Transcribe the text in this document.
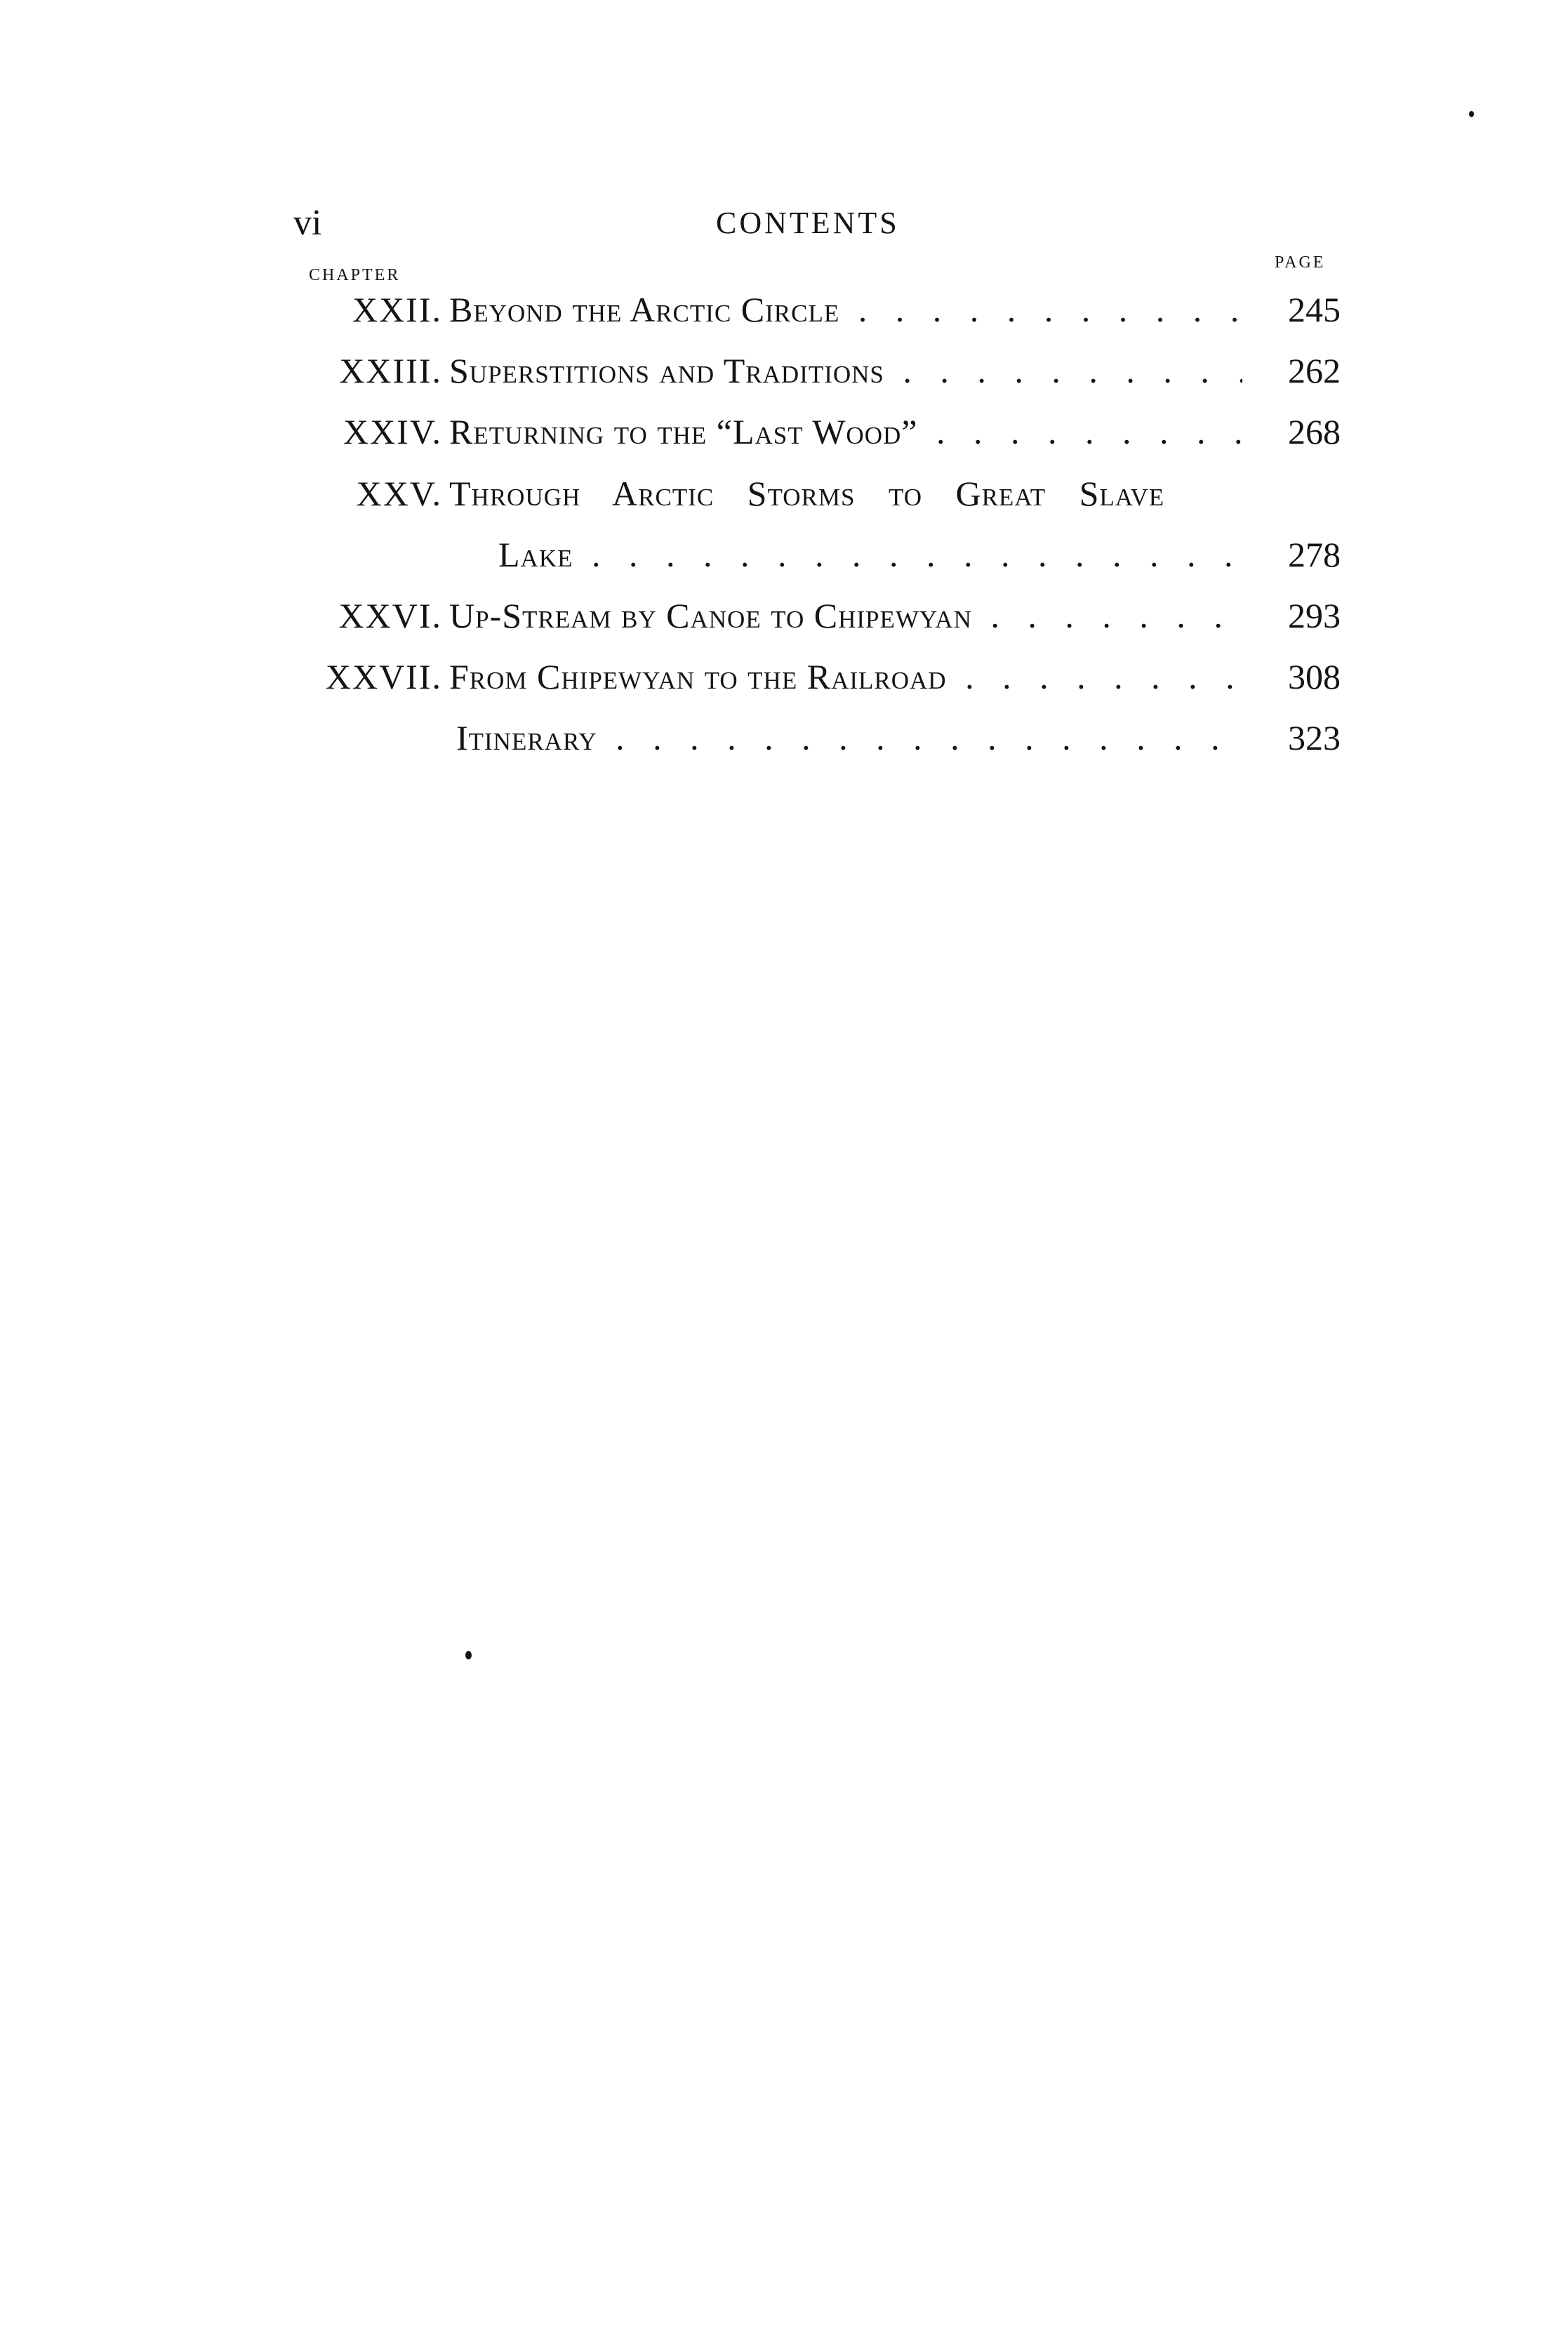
vi	CONTENTS
CHAPTER
PAGE
XXII. Beyond the Arctic Circle . . .	245
XXIII. Superstitions and Traditions . . .	262
XXIV. Returning to the “Last Wood” . . .	268
XXV. Through Arctic Storms to Great Slave
Lake . . .	278
XXVI. Up-Stream by Canoe to Chipewyan . . .	293
XXVII. From Chipewyan to the Railroad . . .	308
Itinerary . . .	323
